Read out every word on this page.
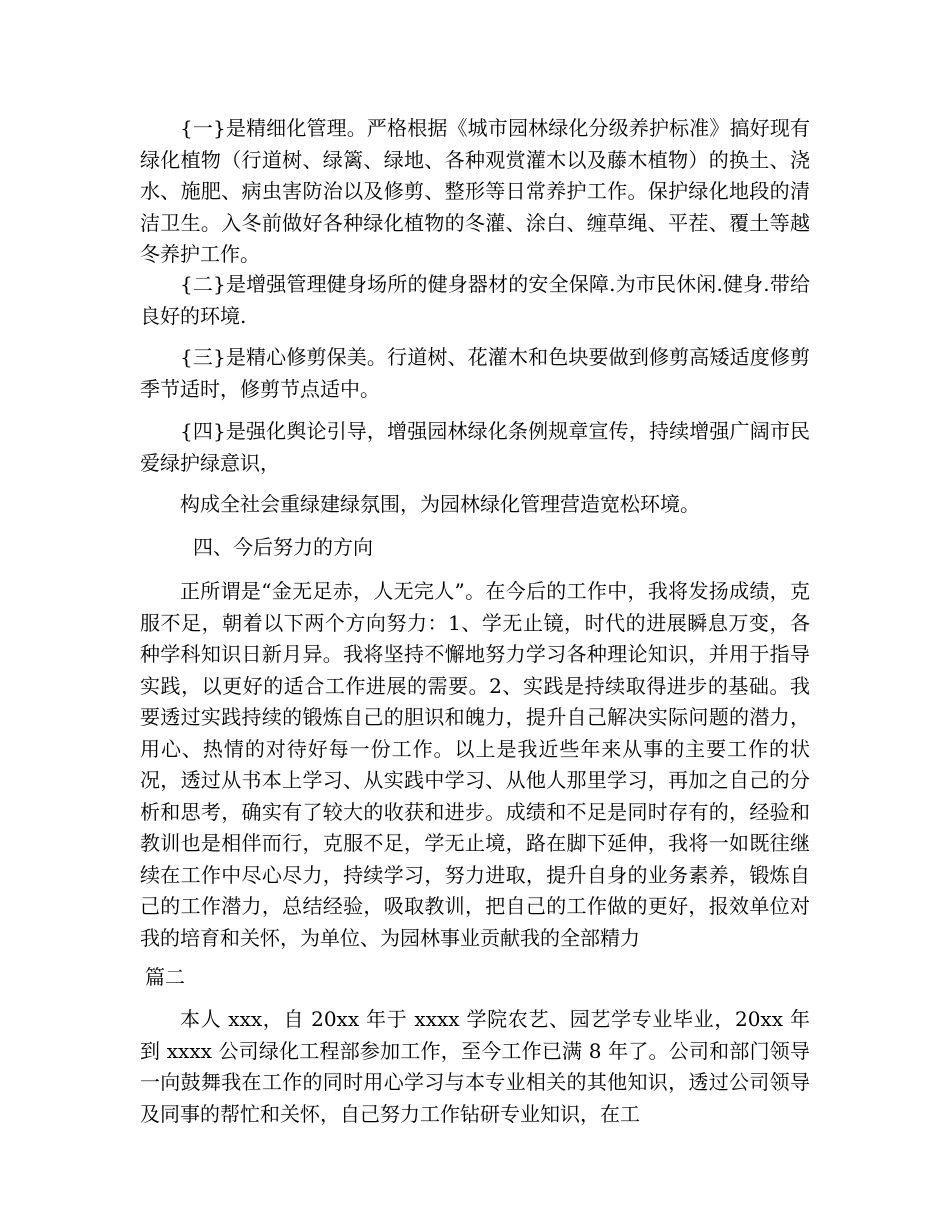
{一}是精细化管理。严格根据《城市园林绿化分级养护标准》搞好现有绿化植物（行道树、绿篱、绿地、各种观赏灌木以及藤木植物）的换土、浇水、施肥、病虫害防治以及修剪、整形等日常养护工作。保护绿化地段的清洁卫生。入冬前做好各种绿化植物的冬灌、涂白、缠草绳、平茬、覆土等越冬养护工作。

{二}是增强管理健身场所的健身器材的安全保障.为市民休闲.健身.带给良好的环境.

{三}是精心修剪保美。行道树、花灌木和色块要做到修剪高矮适度修剪季节适时，修剪节点适中。

{四}是强化舆论引导，增强园林绿化条例规章宣传，持续增强广阔市民爱绿护绿意识，

构成全社会重绿建绿氛围，为园林绿化管理营造宽松环境。

四、今后努力的方向

正所谓是“金无足赤，人无完人”。在今后的工作中，我将发扬成绩，克服不足，朝着以下两个方向努力：1、学无止镜，时代的进展瞬息万变，各种学科知识日新月异。我将坚持不懈地努力学习各种理论知识，并用于指导实践，以更好的适合工作进展的需要。2、实践是持续取得进步的基础。我要透过实践持续的锻炼自己的胆识和魄力，提升自己解决实际问题的潜力，用心、热情的对待好每一份工作。以上是我近些年来从事的主要工作的状况，透过从书本上学习、从实践中学习、从他人那里学习，再加之自己的分析和思考，确实有了较大的收获和进步。成绩和不足是同时存有的，经验和教训也是相伴而行，克服不足，学无止境，路在脚下延伸，我将一如既往继续在工作中尽心尽力，持续学习，努力进取，提升自身的业务素养，锻炼自己的工作潜力，总结经验，吸取教训，把自己的工作做的更好，报效单位对我的培育和关怀，为单位、为园林事业贡献我的全部精力

篇二

本人 xxx，自 20xx 年于 xxxx 学院农艺、园艺学专业毕业，20xx 年到 xxxx 公司绿化工程部参加工作，至今工作已满 8 年了。公司和部门领导一向鼓舞我在工作的同时用心学习与本专业相关的其他知识，透过公司领导及同事的帮忙和关怀，自己努力工作钻研专业知识，在工
